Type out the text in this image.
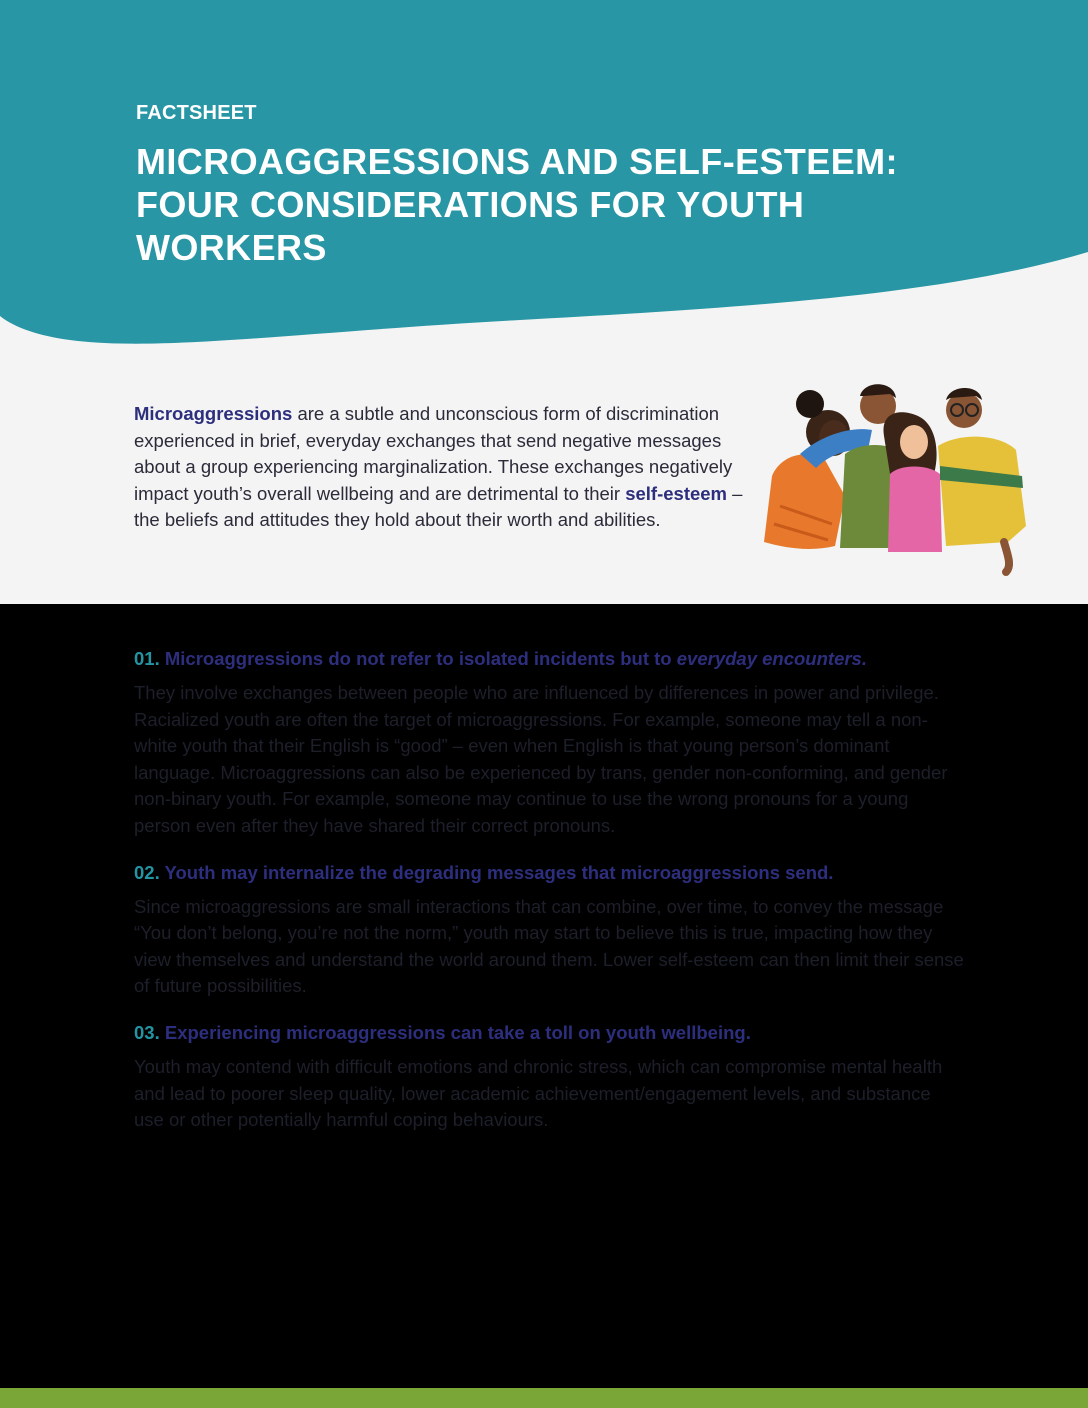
FACTSHEET
MICROAGGRESSIONS AND SELF-ESTEEM:
FOUR CONSIDERATIONS FOR YOUTH
WORKERS

Microaggressions are a subtle and unconscious form of discrimination experienced in brief, everyday exchanges that send negative messages about a group experiencing marginalization. These exchanges negatively impact youth’s overall wellbeing and are detrimental to their self-esteem – the beliefs and attitudes they hold about their worth and abilities.

01. Microaggressions do not refer to isolated incidents but to everyday encounters.

They involve exchanges between people who are influenced by differences in power and privilege. Racialized youth are often the target of microaggressions. For example, someone may tell a non-white youth that their English is “good” – even when English is that young person’s dominant language. Microaggressions can also be experienced by trans, gender non-conforming, and gender non-binary youth. For example, someone may continue to use the wrong pronouns for a young person even after they have shared their correct pronouns.

02. Youth may internalize the degrading messages that microaggressions send.

Since microaggressions are small interactions that can combine, over time, to convey the message “You don’t belong, you’re not the norm,” youth may start to believe this is true, impacting how they view themselves and understand the world around them. Lower self-esteem can then limit their sense of future possibilities.

03. Experiencing microaggressions can take a toll on youth wellbeing.

Youth may contend with difficult emotions and chronic stress, which can compromise mental health and lead to poorer sleep quality, lower academic achievement/engagement levels, and substance use or other potentially harmful coping behaviours.
